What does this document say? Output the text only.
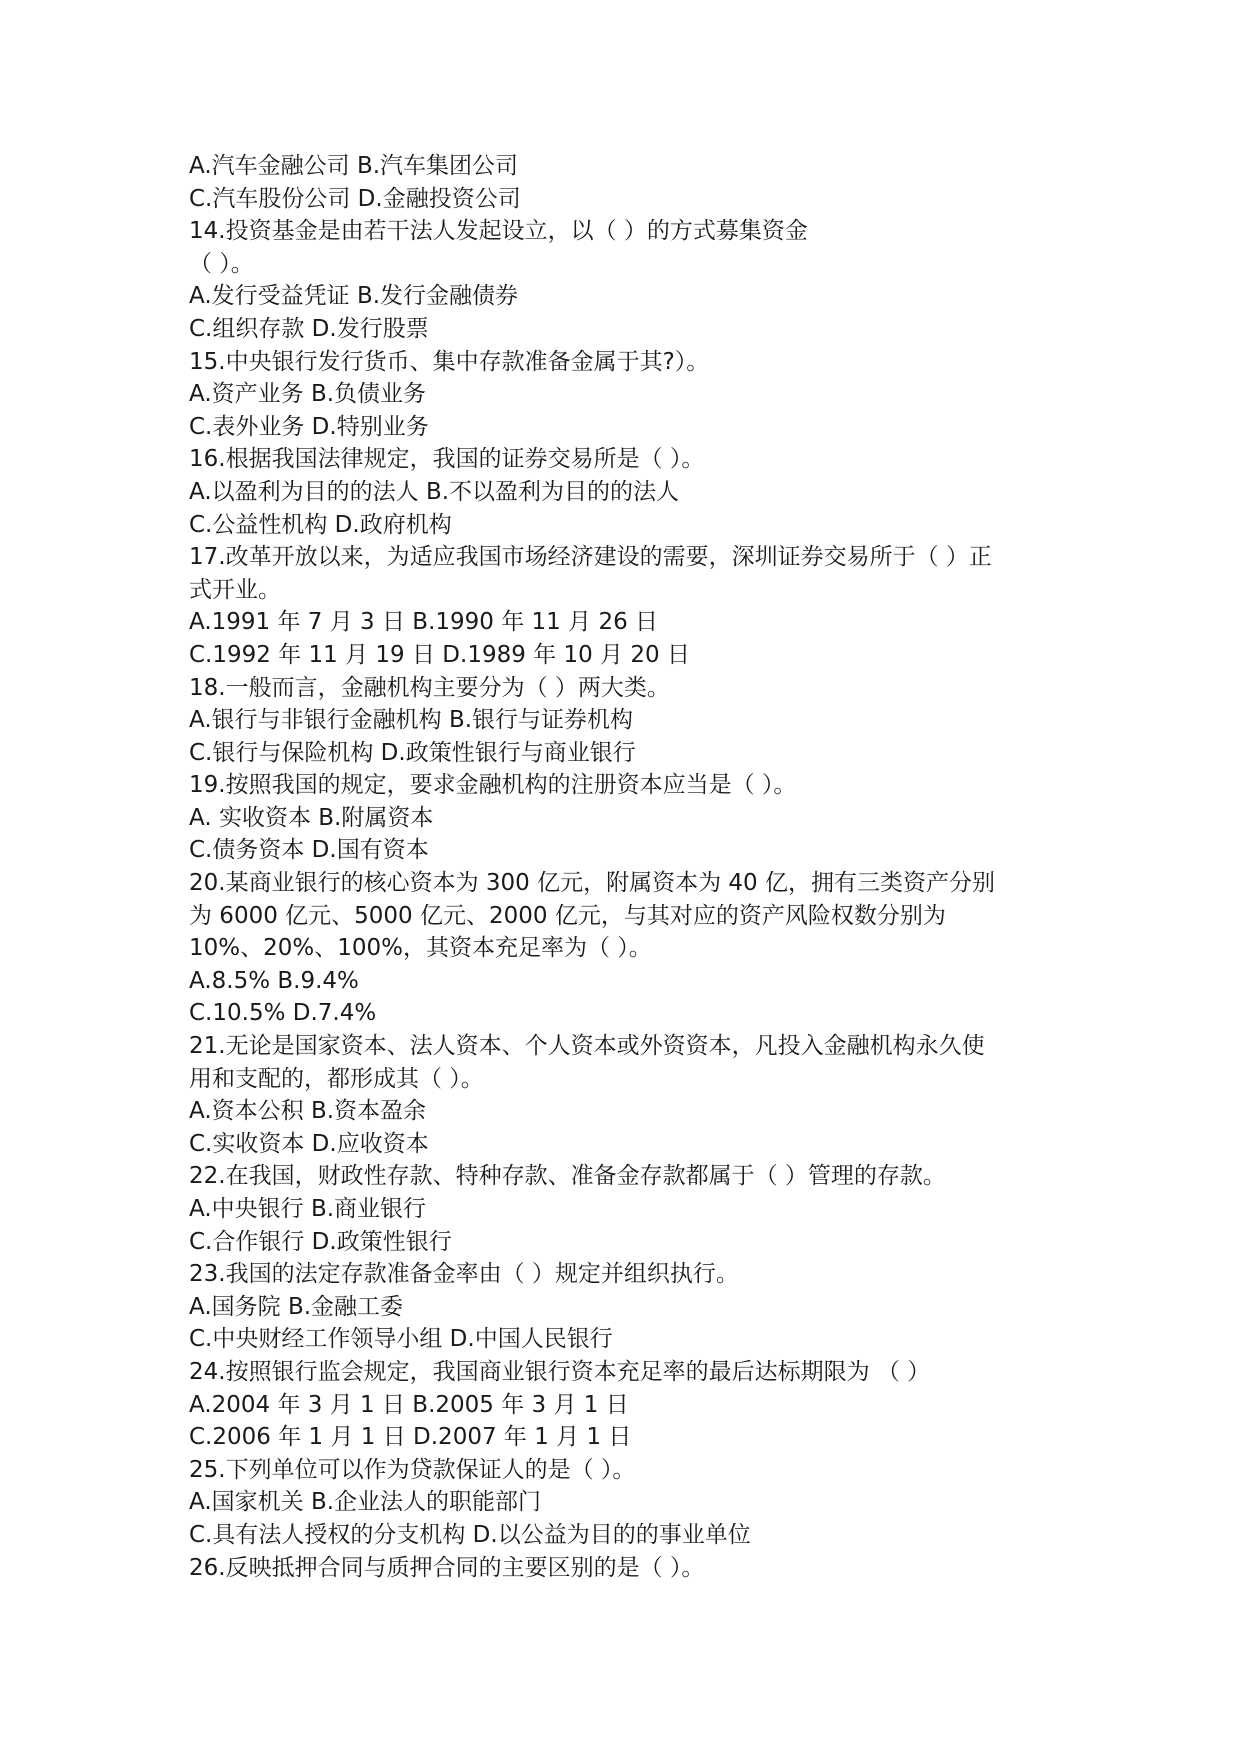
A.汽车金融公司 B.汽车集团公司
C.汽车股份公司 D.金融投资公司
14.投资基金是由若干法人发起设立，以（ ）的方式募集资金
（ ）。
A.发行受益凭证 B.发行金融债券
C.组织存款 D.发行股票
15.中央银行发行货币、集中存款准备金属于其?）。
A.资产业务 B.负债业务
C.表外业务 D.特别业务
16.根据我国法律规定，我国的证券交易所是（ ）。
A.以盈利为目的的法人 B.不以盈利为目的的法人
C.公益性机构 D.政府机构
17.改革开放以来，为适应我国市场经济建设的需要，深圳证券交易所于（ ）正
式开业。
A.1991 年 7 月 3 日 B.1990 年 11 月 26 日
C.1992 年 11 月 19 日 D.1989 年 10 月 20 日
18.一般而言，金融机构主要分为（ ）两大类。
A.银行与非银行金融机构 B.银行与证券机构
C.银行与保险机构 D.政策性银行与商业银行
19.按照我国的规定，要求金融机构的注册资本应当是（ ）。
A. 实收资本 B.附属资本
C.债务资本 D.国有资本
20.某商业银行的核心资本为 300 亿元，附属资本为 40 亿，拥有三类资产分别
为 6000 亿元、5000 亿元、2000 亿元，与其对应的资产风险权数分别为
10%、20%、100%，其资本充足率为（ ）。
A.8.5% B.9.4%
C.10.5% D.7.4%
21.无论是国家资本、法人资本、个人资本或外资资本，凡投入金融机构永久使
用和支配的，都形成其（ ）。
A.资本公积 B.资本盈余
C.实收资本 D.应收资本
22.在我国，财政性存款、特种存款、准备金存款都属于（ ）管理的存款。
A.中央银行 B.商业银行
C.合作银行 D.政策性银行
23.我国的法定存款准备金率由（ ）规定并组织执行。
A.国务院 B.金融工委
C.中央财经工作领导小组 D.中国人民银行
24.按照银行监会规定，我国商业银行资本充足率的最后达标期限为 （ ）
A.2004 年 3 月 1 日 B.2005 年 3 月 1 日
C.2006 年 1 月 1 日 D.2007 年 1 月 1 日
25.下列单位可以作为贷款保证人的是（ ）。
A.国家机关 B.企业法人的职能部门
C.具有法人授权的分支机构 D.以公益为目的的事业单位
26.反映抵押合同与质押合同的主要区别的是（ ）。
